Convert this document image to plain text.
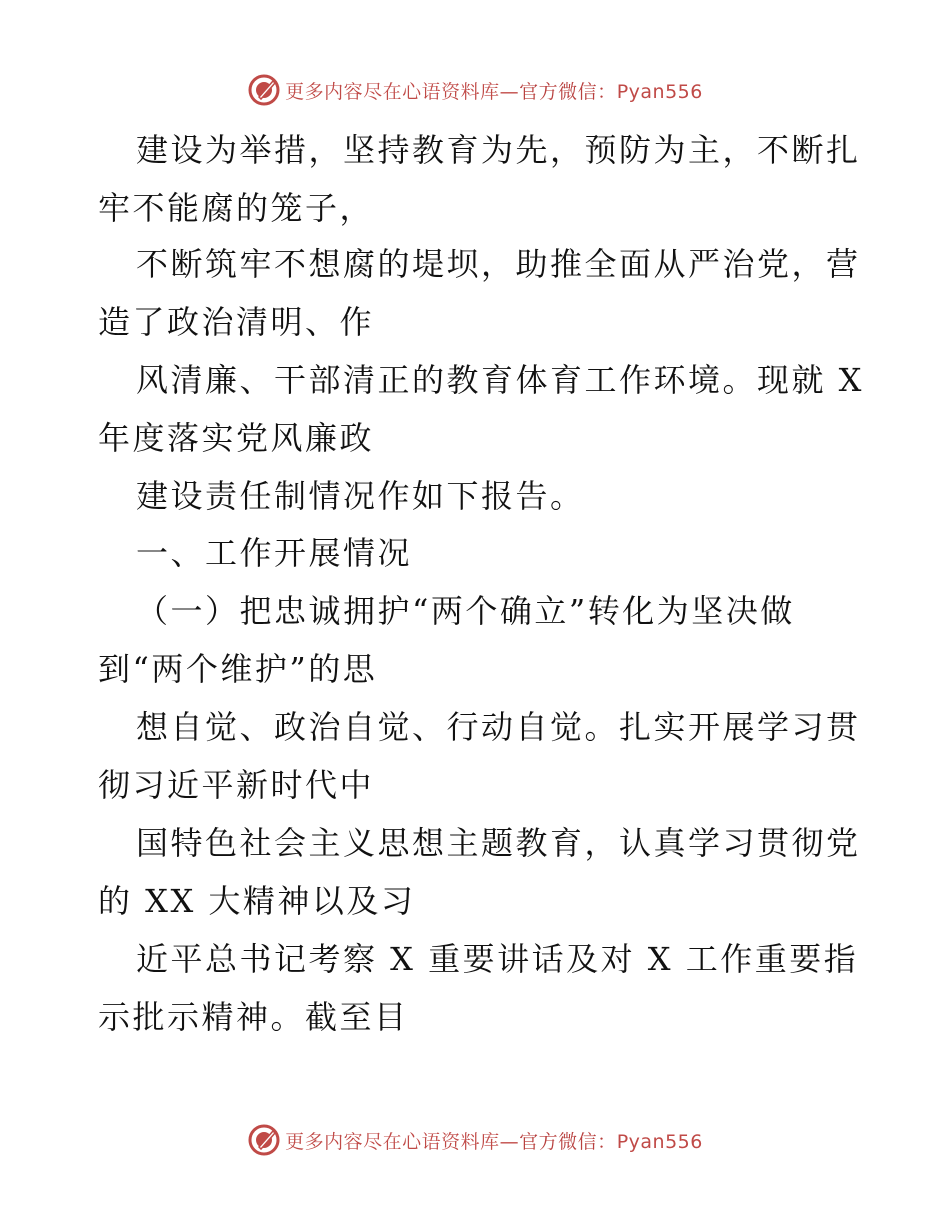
更多内容尽在心语资料库—官方微信：Pyan556
建设为举措，坚持教育为先，预防为主，不断扎
牢不能腐的笼子，
不断筑牢不想腐的堤坝，助推全面从严治党，营
造了政治清明、作
风清廉、干部清正的教育体育工作环境。现就 X
年度落实党风廉政
建设责任制情况作如下报告。
一、工作开展情况
（一）把忠诚拥护“两个确立”转化为坚决做
到“两个维护”的思
想自觉、政治自觉、行动自觉。扎实开展学习贯
彻习近平新时代中
国特色社会主义思想主题教育，认真学习贯彻党
的 XX 大精神以及习
近平总书记考察 X 重要讲话及对 X 工作重要指
示批示精神。截至目
更多内容尽在心语资料库—官方微信：Pyan556
